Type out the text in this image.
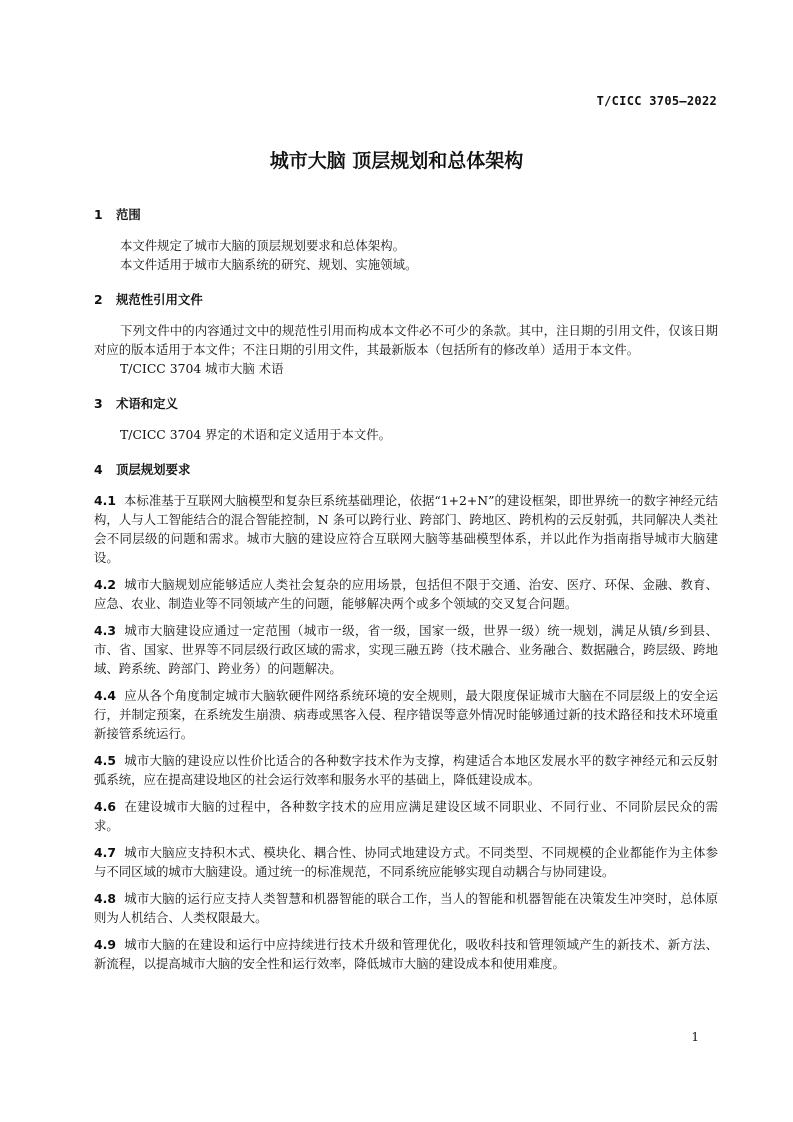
T/CICC 3705—2022
城市大脑 顶层规划和总体架构
1	范围

本文件规定了城市大脑的顶层规划要求和总体架构。

本文件适用于城市大脑系统的研究、规划、实施领域。

2	规范性引用文件

下列文件中的内容通过文中的规范性引用而构成本文件必不可少的条款。其中，注日期的引用文件，仅该日期对应的版本适用于本文件；不注日期的引用文件，其最新版本（包括所有的修改单）适用于本文件。

T/CICC 3704 城市大脑 术语

3	术语和定义

T/CICC 3704 界定的术语和定义适用于本文件。

4	顶层规划要求

4.1 本标准基于互联网大脑模型和复杂巨系统基础理论，依据“1+2+N”的建设框架，即世界统一的数字神经元结构，人与人工智能结合的混合智能控制，N 条可以跨行业、跨部门、跨地区、跨机构的云反射弧，共同解决人类社会不同层级的问题和需求。城市大脑的建设应符合互联网大脑等基础模型体系，并以此作为指南指导城市大脑建设。

4.2 城市大脑规划应能够适应人类社会复杂的应用场景，包括但不限于交通、治安、医疗、环保、金融、教育、应急、农业、制造业等不同领域产生的问题，能够解决两个或多个领域的交叉复合问题。

4.3 城市大脑建设应通过一定范围（城市一级，省一级，国家一级，世界一级）统一规划，满足从镇/乡到县、市、省、国家、世界等不同层级行政区域的需求，实现三融五跨（技术融合、业务融合、数据融合，跨层级、跨地域、跨系统、跨部门、跨业务）的问题解决。

4.4 应从各个角度制定城市大脑软硬件网络系统环境的安全规则，最大限度保证城市大脑在不同层级上的安全运行，并制定预案，在系统发生崩溃、病毒或黑客入侵、程序错误等意外情况时能够通过新的技术路径和技术环境重新接管系统运行。

4.5 城市大脑的建设应以性价比适合的各种数字技术作为支撑，构建适合本地区发展水平的数字神经元和云反射弧系统，应在提高建设地区的社会运行效率和服务水平的基础上，降低建设成本。

4.6 在建设城市大脑的过程中，各种数字技术的应用应满足建设区域不同职业、不同行业、不同阶层民众的需求。

4.7 城市大脑应支持积木式、模块化、耦合性、协同式地建设方式。不同类型、不同规模的企业都能作为主体参与不同区域的城市大脑建设。通过统一的标准规范，不同系统应能够实现自动耦合与协同建设。

4.8 城市大脑的运行应支持人类智慧和机器智能的联合工作，当人的智能和机器智能在决策发生冲突时，总体原则为人机结合、人类权限最大。

4.9 城市大脑的在建设和运行中应持续进行技术升级和管理优化，吸收科技和管理领域产生的新技术、新方法、新流程，以提高城市大脑的安全性和运行效率，降低城市大脑的建设成本和使用难度。

1
